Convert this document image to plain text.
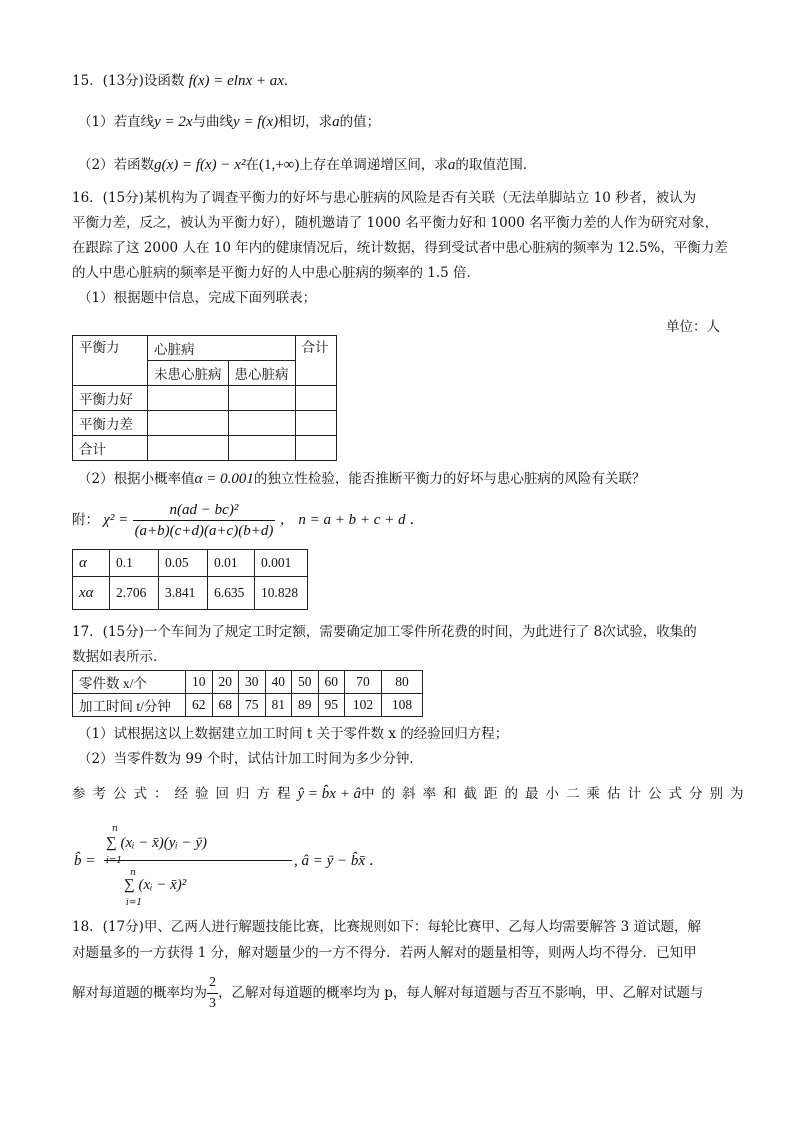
15．(13分)设函数 f(x) = elnx + ax．
（1）若直线y = 2x与曲线y = f(x)相切，求a的值；
（2）若函数g(x) = f(x) − x²在(1,+∞)上存在单调递增区间，求a的取值范围．
16．(15分)某机构为了调查平衡力的好坏与患心脏病的风险是否有关联（无法单脚站立 10 秒者，被认为
平衡力差，反之，被认为平衡力好），随机邀请了 1000 名平衡力好和 1000 名平衡力差的人作为研究对象，
在跟踪了这 2000 人在 10 年内的健康情况后，统计数据，得到受试者中患心脏病的频率为 12.5%，平衡力差
的人中患心脏病的频率是平衡力好的人中患心脏病的频率的 1.5 倍．
（1）根据题中信息，完成下面列联表；
单位：人
平衡力	心脏病		合计
	未患心脏病	患心脏病	
平衡力好			
平衡力差			
合计			
（2）根据小概率值α = 0.001的独立性检验，能否推断平衡力的好坏与患心脏病的风险有关联？
附： $\chi^2 = \frac{\text{n(ad − bc)²}}{(a+b)(c+d)(a+c)(b+d)}$ ， n = a + b + c + d ．
α	0.1	0.05	0.01	0.001
xα	2.706	3.841	6.635	10.828
17．(15分)一个车间为了规定工时定额，需要确定加工零件所花费的时间，为此进行了 8次试验，收集的
数据如表所示．
零件数 x/个	10	20	30	40	50	60	70	80
加工时间 t/分钟	62	68	75	81	89	95	102	108
（1）试根据这以上数据建立加工时间 t 关于零件数 x 的经验回归方程；
（2）当零件数为 99 个时，试估计加工时间为多少分钟．
参考公式：经验回归方程ŷ = b̂x + â中的斜率和截距的最小二乘估计公式分别为
b̂ =
n
∑ (xᵢ − x̄)(yᵢ − ȳ)
i=1
n
∑ (xᵢ − x̄)²
i=1
, â = ȳ − b̂x̄ ．
18．(17分)甲、乙两人进行解题技能比赛，比赛规则如下：每轮比赛甲、乙每人均需要解答 3 道试题，解
对题量多的一方获得 1 分，解对题量少的一方不得分．若两人解对的题量相等，则两人均不得分．已知甲
解对每道题的概率均为 $\frac{2}{3}$ ，乙解对每道题的概率均为 p，每人解对每道题与否互不影响，甲、乙解对试题与
